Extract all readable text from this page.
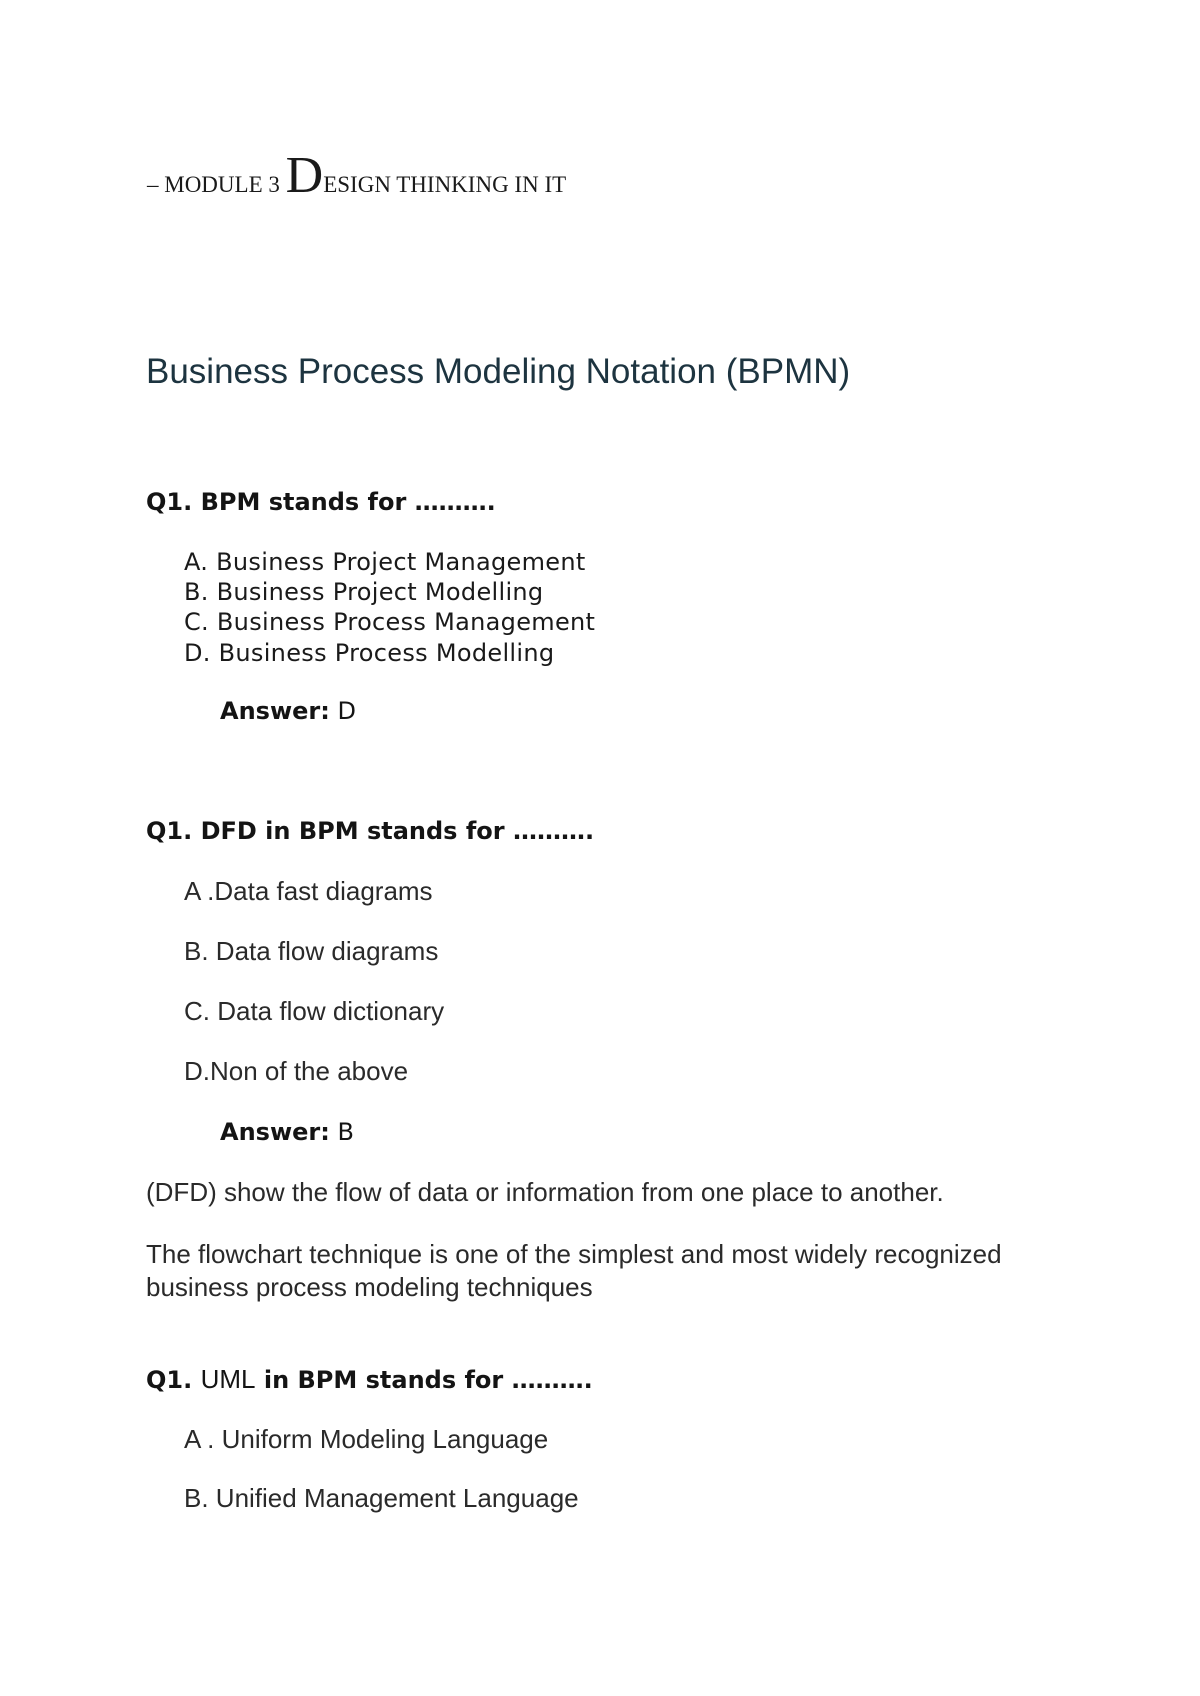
– MODULE 3 DESIGN THINKING IN IT
Business Process Modeling Notation (BPMN)
Q1. BPM stands for ……….
A. Business Project Management
B. Business Project Modelling
C. Business Process Management
D. Business Process Modelling
Answer: D
Q1. DFD in BPM stands for ……….
A .Data fast diagrams
B. Data flow diagrams
C. Data flow dictionary
D.Non of the above
Answer: B
(DFD) show the flow of data or information from one place to another.
The flowchart technique is one of the simplest and most widely recognized business process modeling techniques
Q1. UML in BPM stands for ……….
A . Uniform Modeling Language
B. Unified Management Language
